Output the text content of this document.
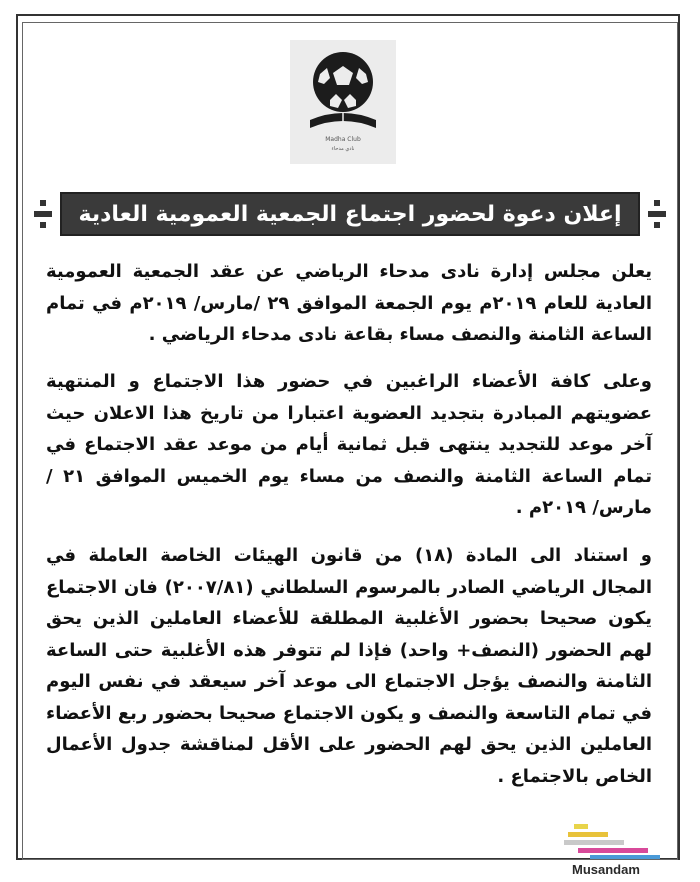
Madha Club
نادي مدحاء
إعلان دعوة لحضور اجتماع الجمعية العمومية العادية
يعلن مجلس إدارة نادى مدحاء الرياضي عن عقد الجمعية العمومية العادية للعام ٢٠١٩م يوم الجمعة الموافق ٢٩ /مارس/ ٢٠١٩م في تمام الساعة الثامنة والنصف مساء بقاعة نادى مدحاء الرياضي .
وعلى كافة الأعضاء الراغبين في حضور هذا الاجتماع و المنتهية عضويتهم المبادرة بتجديد العضوية اعتبارا من تاريخ هذا الاعلان حيث آخر موعد للتجديد ينتهى قبل ثمانية أيام من موعد عقد الاجتماع في تمام الساعة الثامنة والنصف من مساء يوم الخميس الموافق ٢١ /مارس/ ٢٠١٩م .
و استناد الى المادة (١٨) من قانون الهيئات الخاصة العاملة في المجال الرياضي الصادر بالمرسوم السلطاني (٢٠٠٧/٨١) فان الاجتماع يكون صحيحا بحضور الأغلبية المطلقة للأعضاء العاملين الذين يحق لهم الحضور (النصف+ واحد) فإذا لم تتوفر هذه الأغلبية حتى الساعة الثامنة والنصف يؤجل الاجتماع الى موعد آخر سيعقد في نفس اليوم في تمام التاسعة والنصف و يكون الاجتماع صحيحا بحضور ربع الأعضاء العاملين الذين يحق لهم الحضور على الأقل لمناقشة جدول الأعمال الخاص بالاجتماع .
Musandam
